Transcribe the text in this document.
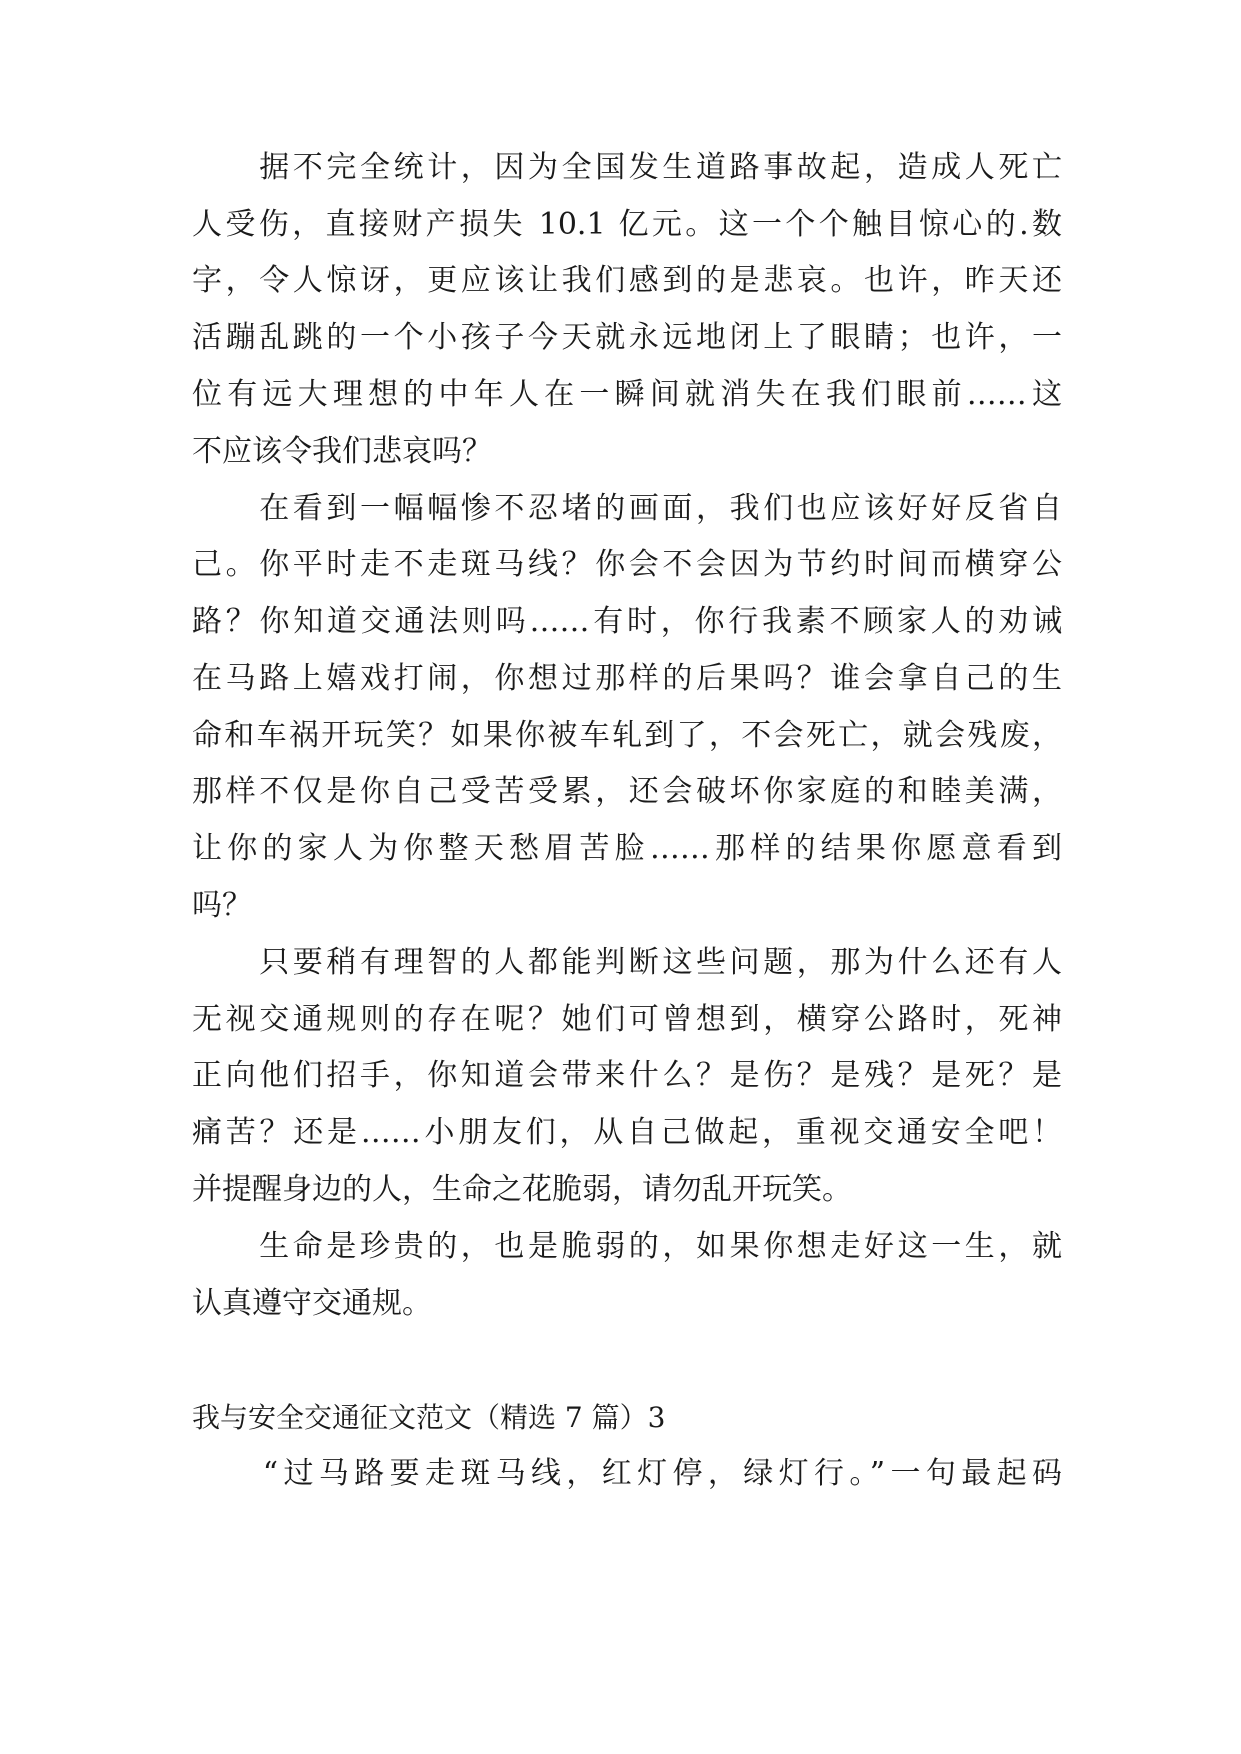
　　据不完全统计，因为全国发生道路事故起，造成人死亡
人受伤，直接财产损失 10.1 亿元。这一个个触目惊心的.数
字，令人惊讶，更应该让我们感到的是悲哀。也许，昨天还
活蹦乱跳的一个小孩子今天就永远地闭上了眼睛；也许，一
位有远大理想的中年人在一瞬间就消失在我们眼前……这
不应该令我们悲哀吗？
　　在看到一幅幅惨不忍堵的画面，我们也应该好好反省自
己。你平时走不走斑马线？你会不会因为节约时间而横穿公
路？你知道交通法则吗……有时，你行我素不顾家人的劝诫
在马路上嬉戏打闹，你想过那样的后果吗？谁会拿自己的生
命和车祸开玩笑？如果你被车轧到了，不会死亡，就会残废，
那样不仅是你自己受苦受累，还会破坏你家庭的和睦美满，
让你的家人为你整天愁眉苦脸……那样的结果你愿意看到
吗？
　　只要稍有理智的人都能判断这些问题，那为什么还有人
无视交通规则的存在呢？她们可曾想到，横穿公路时，死神
正向他们招手，你知道会带来什么？是伤？是残？是死？是
痛苦？还是……小朋友们，从自己做起，重视交通安全吧！
并提醒身边的人，生命之花脆弱，请勿乱开玩笑。
　　生命是珍贵的，也是脆弱的，如果你想走好这一生，就
认真遵守交通规。
我与安全交通征文范文（精选 7 篇）3
　　“过马路要走斑马线，红灯停，绿灯行。”一句最起码
